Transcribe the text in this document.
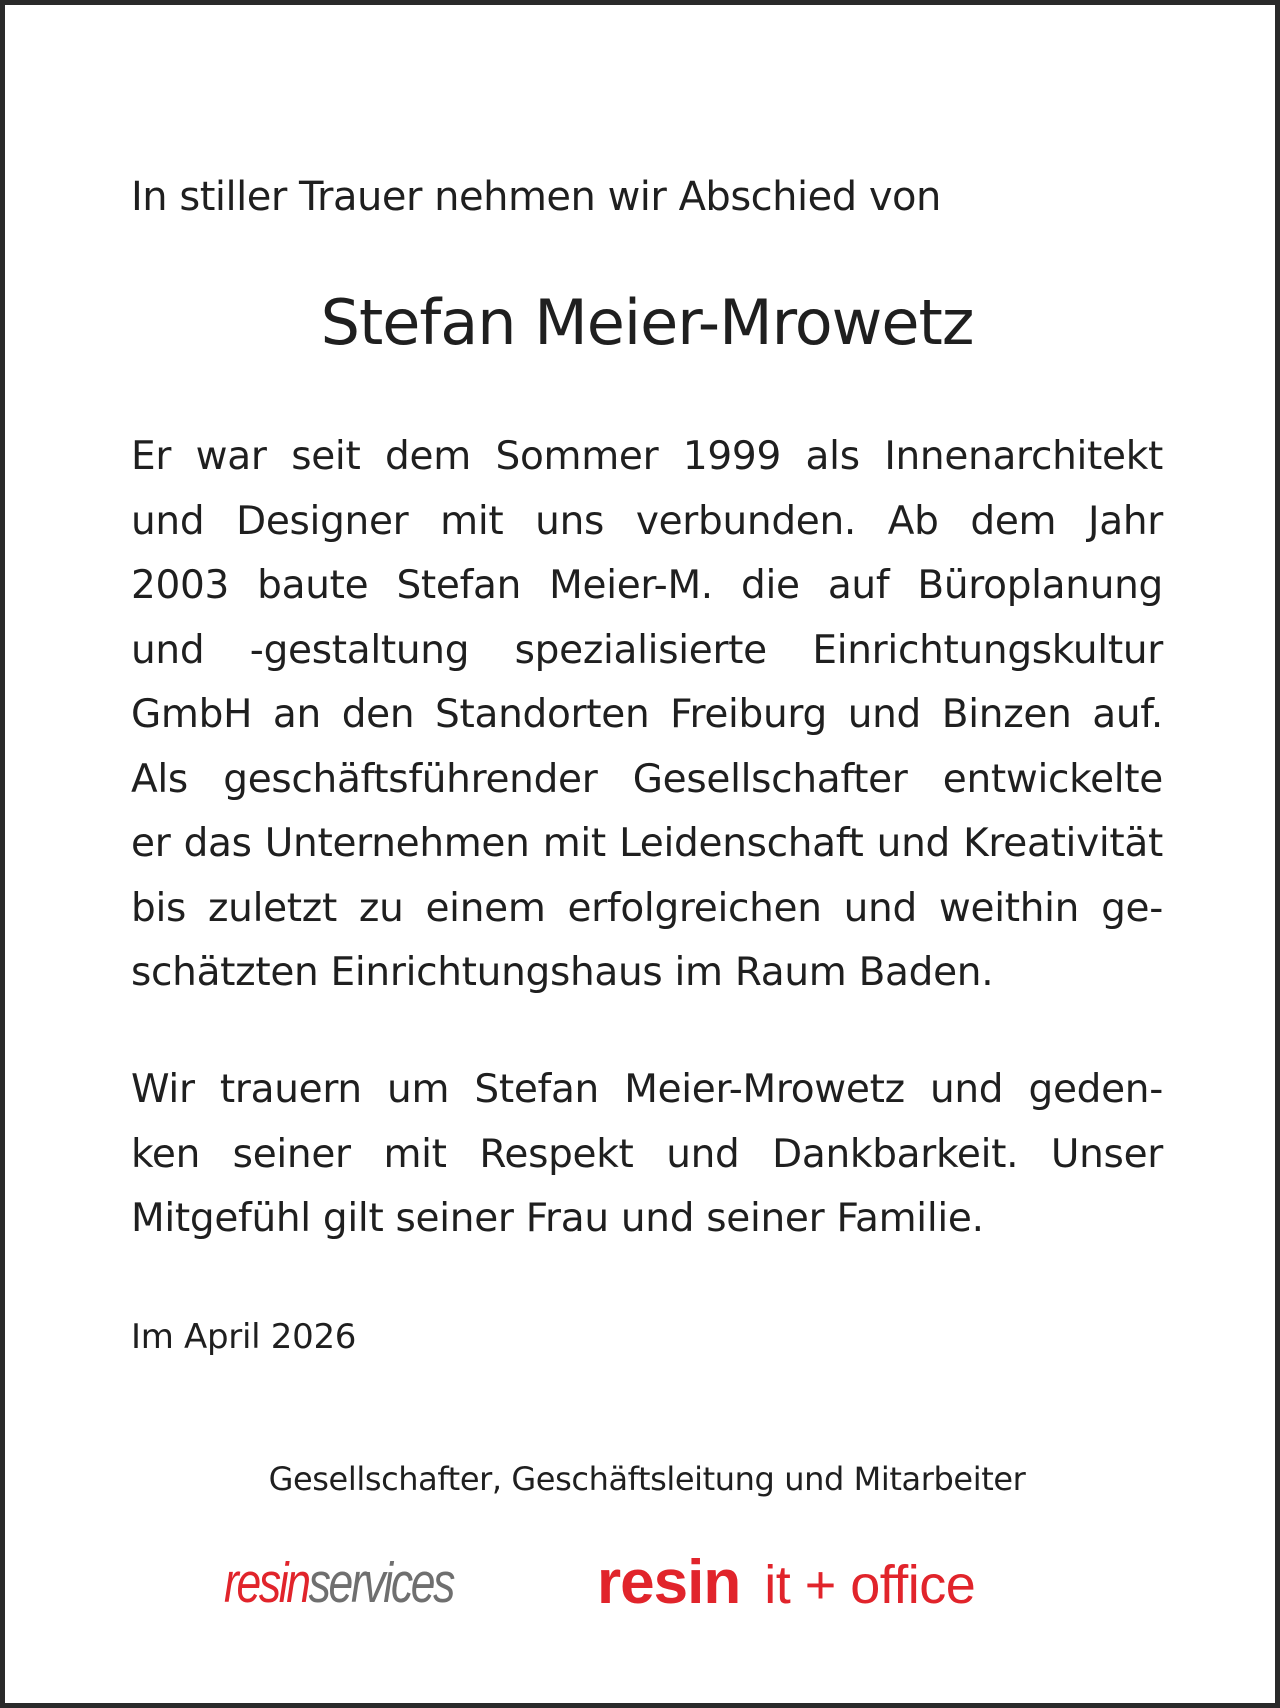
In stiller Trauer nehmen wir Abschied von
Stefan Meier-Mrowetz
Er war seit dem Sommer 1999 als Innenarchitekt
und Designer mit uns verbunden. Ab dem Jahr
2003 baute Stefan Meier-M. die auf Büroplanung
und -gestaltung spezialisierte Einrichtungskultur
GmbH an den Standorten Freiburg und Binzen auf.
Als geschäftsführender Gesellschafter entwickelte
er das Unternehmen mit Leidenschaft und Kreativität
bis zuletzt zu einem erfolgreichen und weithin ge-
schätzten Einrichtungshaus im Raum Baden.
Wir trauern um Stefan Meier-Mrowetz und geden-
ken seiner mit Respekt und Dankbarkeit. Unser
Mitgefühl gilt seiner Frau und seiner Familie.
Im April 2026
Gesellschafter, Geschäftsleitung und Mitarbeiter
resinservices resin it + office
